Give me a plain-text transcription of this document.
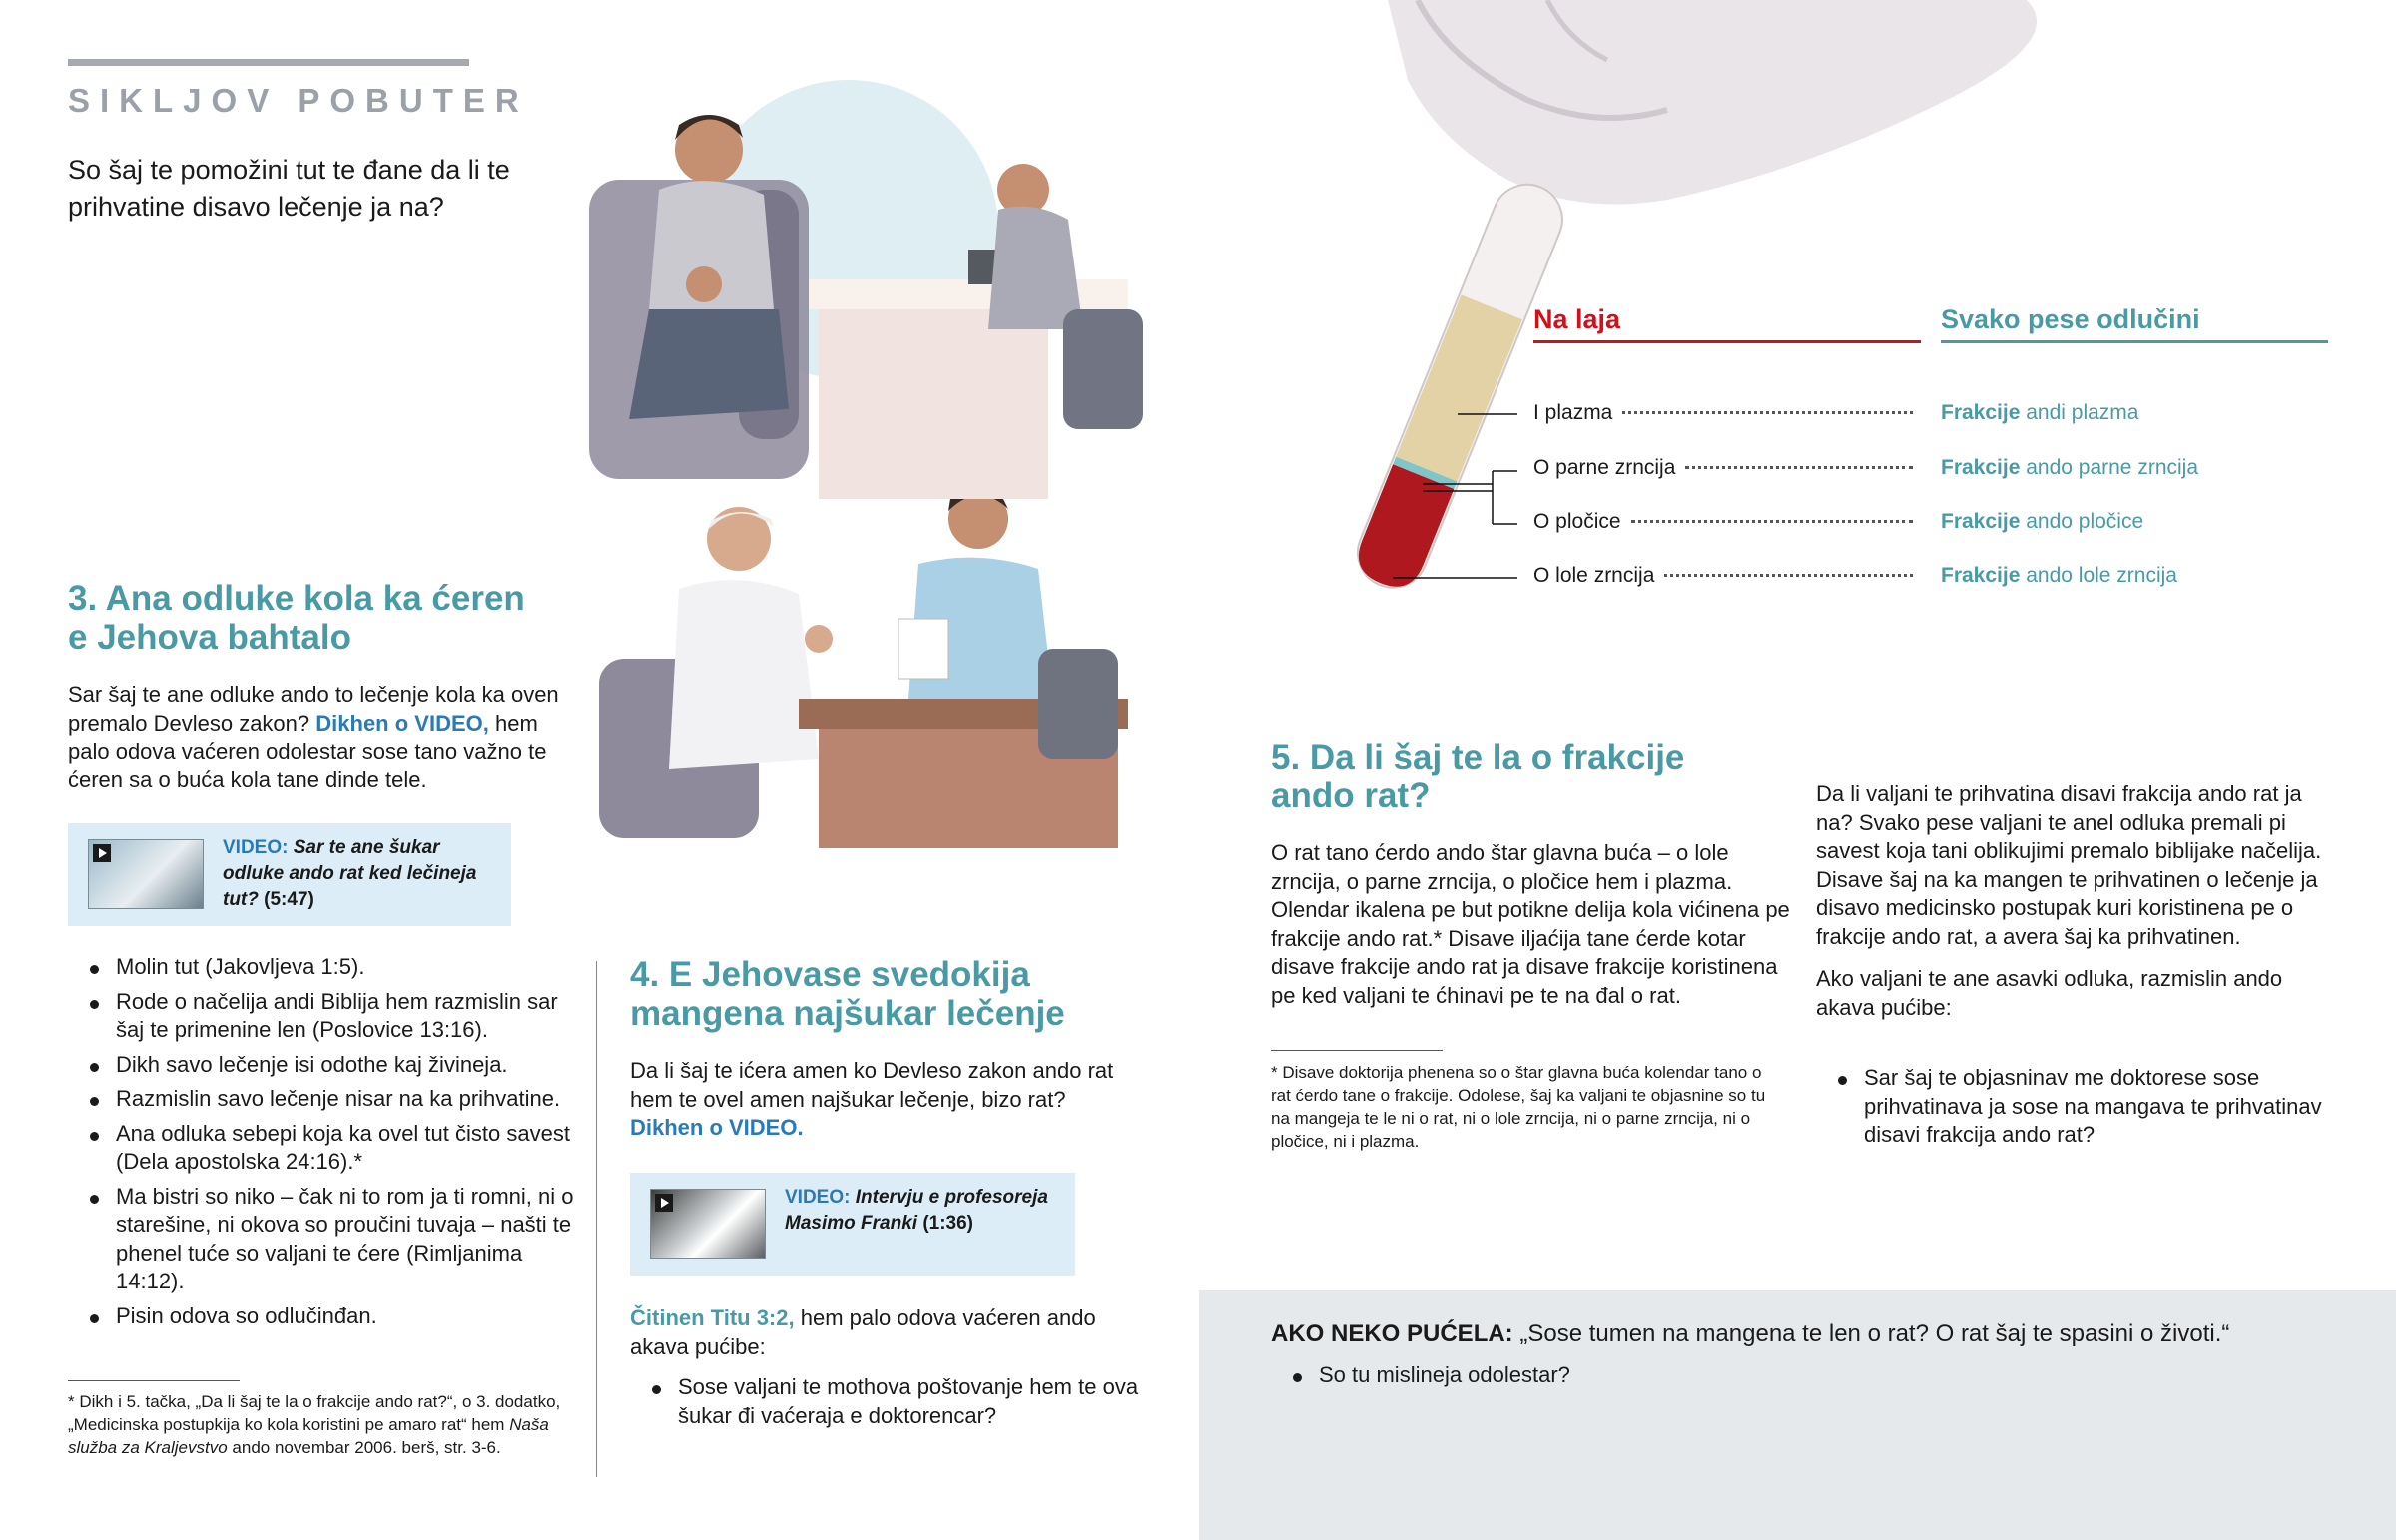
SIKLJOV POBUTER

So šaj te pomožini tut te đane da li te prihvatine disavo lečenje ja na?

3. Ana odluke kola ka ćeren e Jehova bahtalo

Sar šaj te ane odluke ando to lečenje kola ka oven premalo Devleso zakon? Dikhen o VIDEO, hem palo odova vaćeren odolestar sose tano važno te ćeren sa o buća kola tane dinde tele.

VIDEO: Sar te ane šukar odluke ando rat ked lečineja tut? (5:47)
Molin tut (Jakovljeva 1:5).
Rode o načelija andi Biblija hem razmislin sar šaj te primenine len (Poslovice 13:16).
Dikh savo lečenje isi odothe kaj živineja.
Razmislin savo lečenje nisar na ka prihvatine.
Ana odluka sebepi koja ka ovel tut čisto savest (Dela apostolska 24:16).*
Ma bistri so niko – čak ni to rom ja ti romni, ni o starešine, ni okova so proučini tuvaja – našti te phenel tuće so valjani te ćere (Rimljanima 14:12).
Pisin odova so odlučinđan.

* Dikh i 5. tačka, „Da li šaj te la o frakcije ando rat?“, o 3. dodatko, „Medicinska postupkija ko kola koristini pe amaro rat“ hem Naša služba za Kraljevstvo ando novembar 2006. berš, str. 3-6.

4. E Jehovase svedokija mangena najšukar lečenje

Da li šaj te ićera amen ko Devleso zakon ando rat hem te ovel amen najšukar lečenje, bizo rat? Dikhen o VIDEO.

VIDEO: Intervju e profesoreja Masimo Franki (1:36)

Čitinen Titu 3:2, hem palo odova vaćeren ando akava pućibe:

Sose valjani te mothova poštovanje hem te ova šukar đi vaćeraja e doktorencar?
Na laja	Svako pese odlučini
I plazma
O parne zrncija
O pločice
O lole zrncija
Frakcije andi plazma
Frakcije ando parne zrncija
Frakcije ando pločice
Frakcije ando lole zrncija
5. Da li šaj te la o frakcije ando rat?

O rat tano ćerdo ando štar glavna buća – o lole zrncija, o parne zrncija, o pločice hem i plazma. Olendar ikalena pe but potikne delija kola vićinena pe frakcije ando rat.* Disave iljaćija tane ćerde kotar disave frakcije ando rat ja disave frakcije koristinena pe ked valjani te ćhinavi pe te na đal o rat.

* Disave doktorija phenena so o štar glavna buća kolendar tano o rat ćerdo tane o frakcije. Odolese, šaj ka valjani te objasnine so tu na mangeja te le ni o rat, ni o lole zrncija, ni o parne zrncija, ni o pločice, ni i plazma.

Da li valjani te prihvatina disavi frakcija ando rat ja na? Svako pese valjani te anel odluka premali pi savest koja tani oblikujimi premalo biblijake načelija. Disave šaj na ka mangen te prihvatinen o lečenje ja disavo medicinsko postupak kuri koristinena pe o frakcije ando rat, a avera šaj ka prihvatinen.

Ako valjani te ane asavki odluka, razmislin ando akava pućibe:

Sar šaj te objasninav me doktorese sose prihvatinava ja sose na mangava te prihvatinav disavi frakcija ando rat?

AKO NEKO PUĆELA: „Sose tumen na mangena te len o rat? O rat šaj te spasini o životi.“

So tu mislineja odolestar?
